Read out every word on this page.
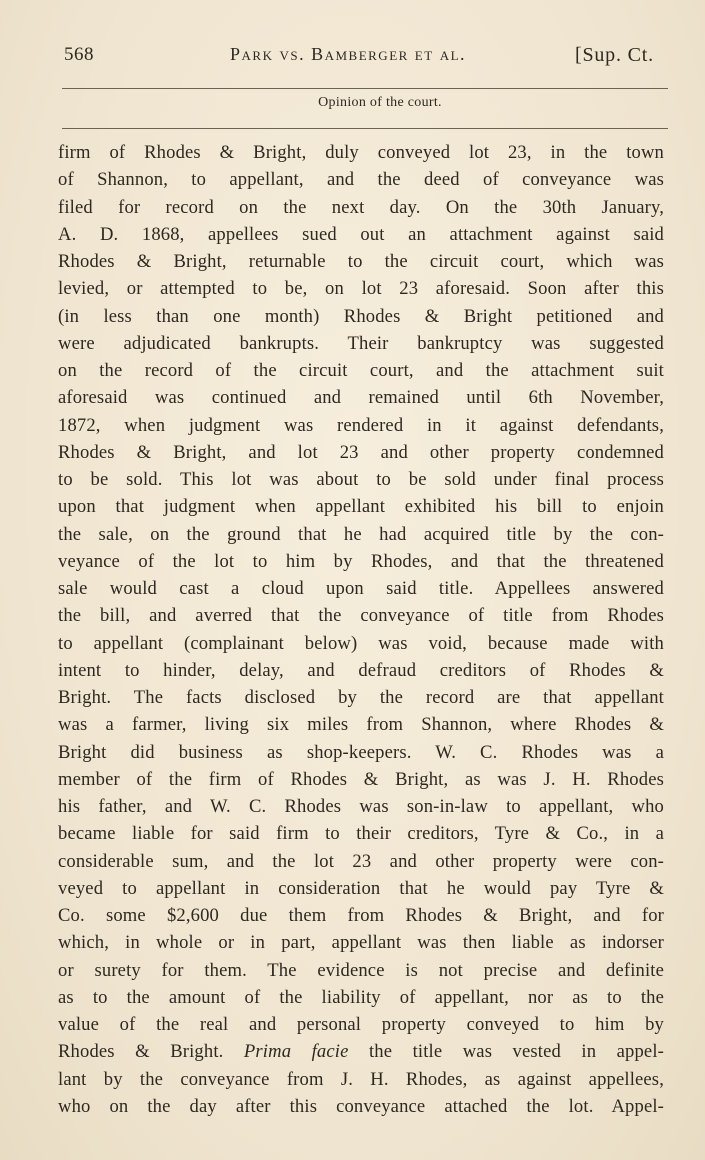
568	Park vs. Bamberger et al.	[Sup. Ct.
Opinion of the court.
firm of Rhodes & Bright, duly conveyed lot 23, in the town
of Shannon, to appellant, and the deed of conveyance was
filed for record on the next day. On the 30th January,
A. D. 1868, appellees sued out an attachment against said
Rhodes & Bright, returnable to the circuit court, which was
levied, or attempted to be, on lot 23 aforesaid. Soon after this
(in less than one month) Rhodes & Bright petitioned and
were adjudicated bankrupts. Their bankruptcy was suggested
on the record of the circuit court, and the attachment suit
aforesaid was continued and remained until 6th November,
1872, when judgment was rendered in it against defendants,
Rhodes & Bright, and lot 23 and other property condemned
to be sold. This lot was about to be sold under final process
upon that judgment when appellant exhibited his bill to enjoin
the sale, on the ground that he had acquired title by the con-
veyance of the lot to him by Rhodes, and that the threatened
sale would cast a cloud upon said title. Appellees answered
the bill, and averred that the conveyance of title from Rhodes
to appellant (complainant below) was void, because made with
intent to hinder, delay, and defraud creditors of Rhodes &
Bright. The facts disclosed by the record are that appellant
was a farmer, living six miles from Shannon, where Rhodes &
Bright did business as shop-keepers. W. C. Rhodes was a
member of the firm of Rhodes & Bright, as was J. H. Rhodes
his father, and W. C. Rhodes was son-in-law to appellant, who
became liable for said firm to their creditors, Tyre & Co., in a
considerable sum, and the lot 23 and other property were con-
veyed to appellant in consideration that he would pay Tyre &
Co. some $2,600 due them from Rhodes & Bright, and for
which, in whole or in part, appellant was then liable as indorser
or surety for them. The evidence is not precise and definite
as to the amount of the liability of appellant, nor as to the
value of the real and personal property conveyed to him by
Rhodes & Bright. Prima facie the title was vested in appel-
lant by the conveyance from J. H. Rhodes, as against appellees,
who on the day after this conveyance attached the lot. Appel-
